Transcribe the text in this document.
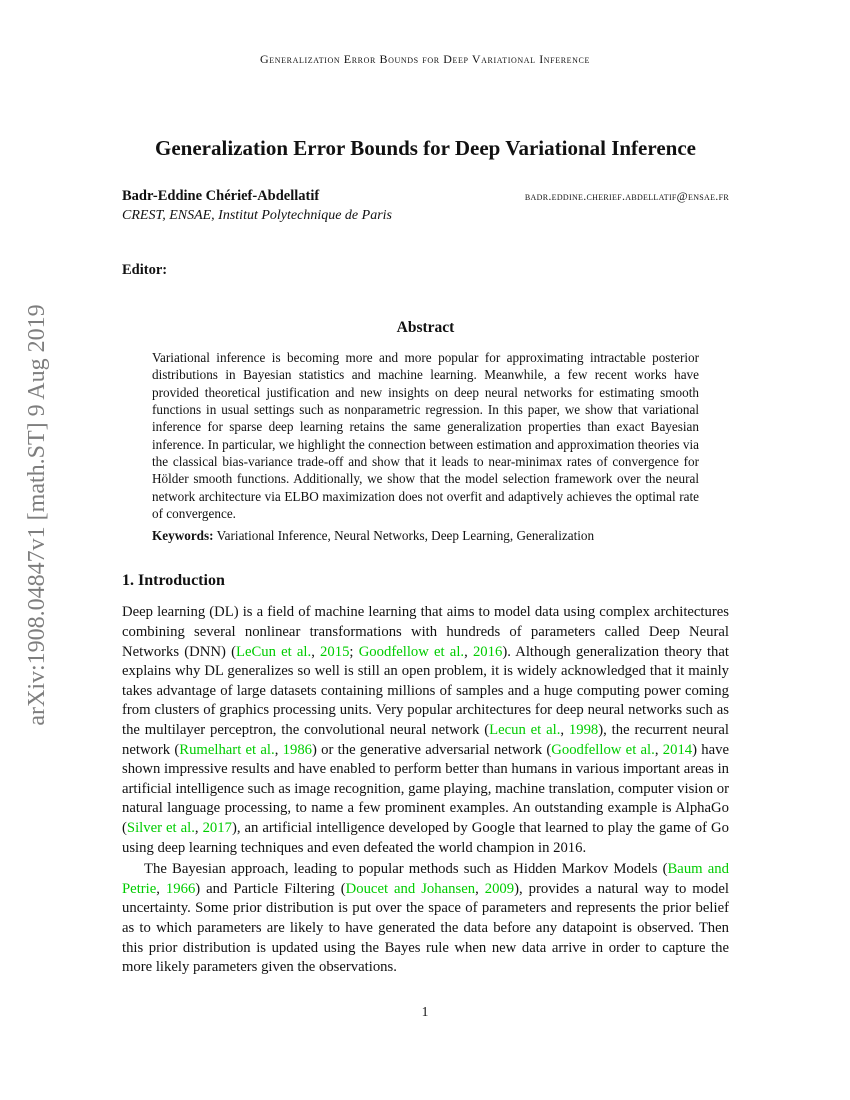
Generalization Error Bounds for Deep Variational Inference
arXiv:1908.04847v1 [math.ST] 9 Aug 2019
Generalization Error Bounds for Deep Variational Inference
Badr-Eddine Chérief-Abdellatif	badr.eddine.cherief.abdellatif@ensae.fr
CREST, ENSAE, Institut Polytechnique de Paris
Editor:
Abstract
Variational inference is becoming more and more popular for approximating intractable posterior distributions in Bayesian statistics and machine learning. Meanwhile, a few recent works have provided theoretical justification and new insights on deep neural networks for estimating smooth functions in usual settings such as nonparametric regression. In this paper, we show that variational inference for sparse deep learning retains the same generalization properties than exact Bayesian inference. In particular, we highlight the connection between estimation and approximation theories via the classical bias-variance trade-off and show that it leads to near-minimax rates of convergence for Hölder smooth functions. Additionally, we show that the model selection framework over the neural network architecture via ELBO maximization does not overfit and adaptively achieves the optimal rate of convergence.
Keywords: Variational Inference, Neural Networks, Deep Learning, Generalization
1. Introduction
Deep learning (DL) is a field of machine learning that aims to model data using complex architectures combining several nonlinear transformations with hundreds of parameters called Deep Neural Networks (DNN) (LeCun et al., 2015; Goodfellow et al., 2016). Although generalization theory that explains why DL generalizes so well is still an open problem, it is widely acknowledged that it mainly takes advantage of large datasets containing millions of samples and a huge computing power coming from clusters of graphics processing units. Very popular architectures for deep neural networks such as the multilayer perceptron, the convolutional neural network (Lecun et al., 1998), the recurrent neural network (Rumelhart et al., 1986) or the generative adversarial network (Goodfellow et al., 2014) have shown impressive results and have enabled to perform better than humans in various important areas in artificial intelligence such as image recognition, game playing, machine translation, computer vision or natural language processing, to name a few prominent examples. An outstanding example is AlphaGo (Silver et al., 2017), an artificial intelligence developed by Google that learned to play the game of Go using deep learning techniques and even defeated the world champion in 2016.
The Bayesian approach, leading to popular methods such as Hidden Markov Models (Baum and Petrie, 1966) and Particle Filtering (Doucet and Johansen, 2009), provides a natural way to model uncertainty. Some prior distribution is put over the space of parameters and represents the prior belief as to which parameters are likely to have generated the data before any datapoint is observed. Then this prior distribution is updated using the Bayes rule when new data arrive in order to capture the more likely parameters given the observations.
1
